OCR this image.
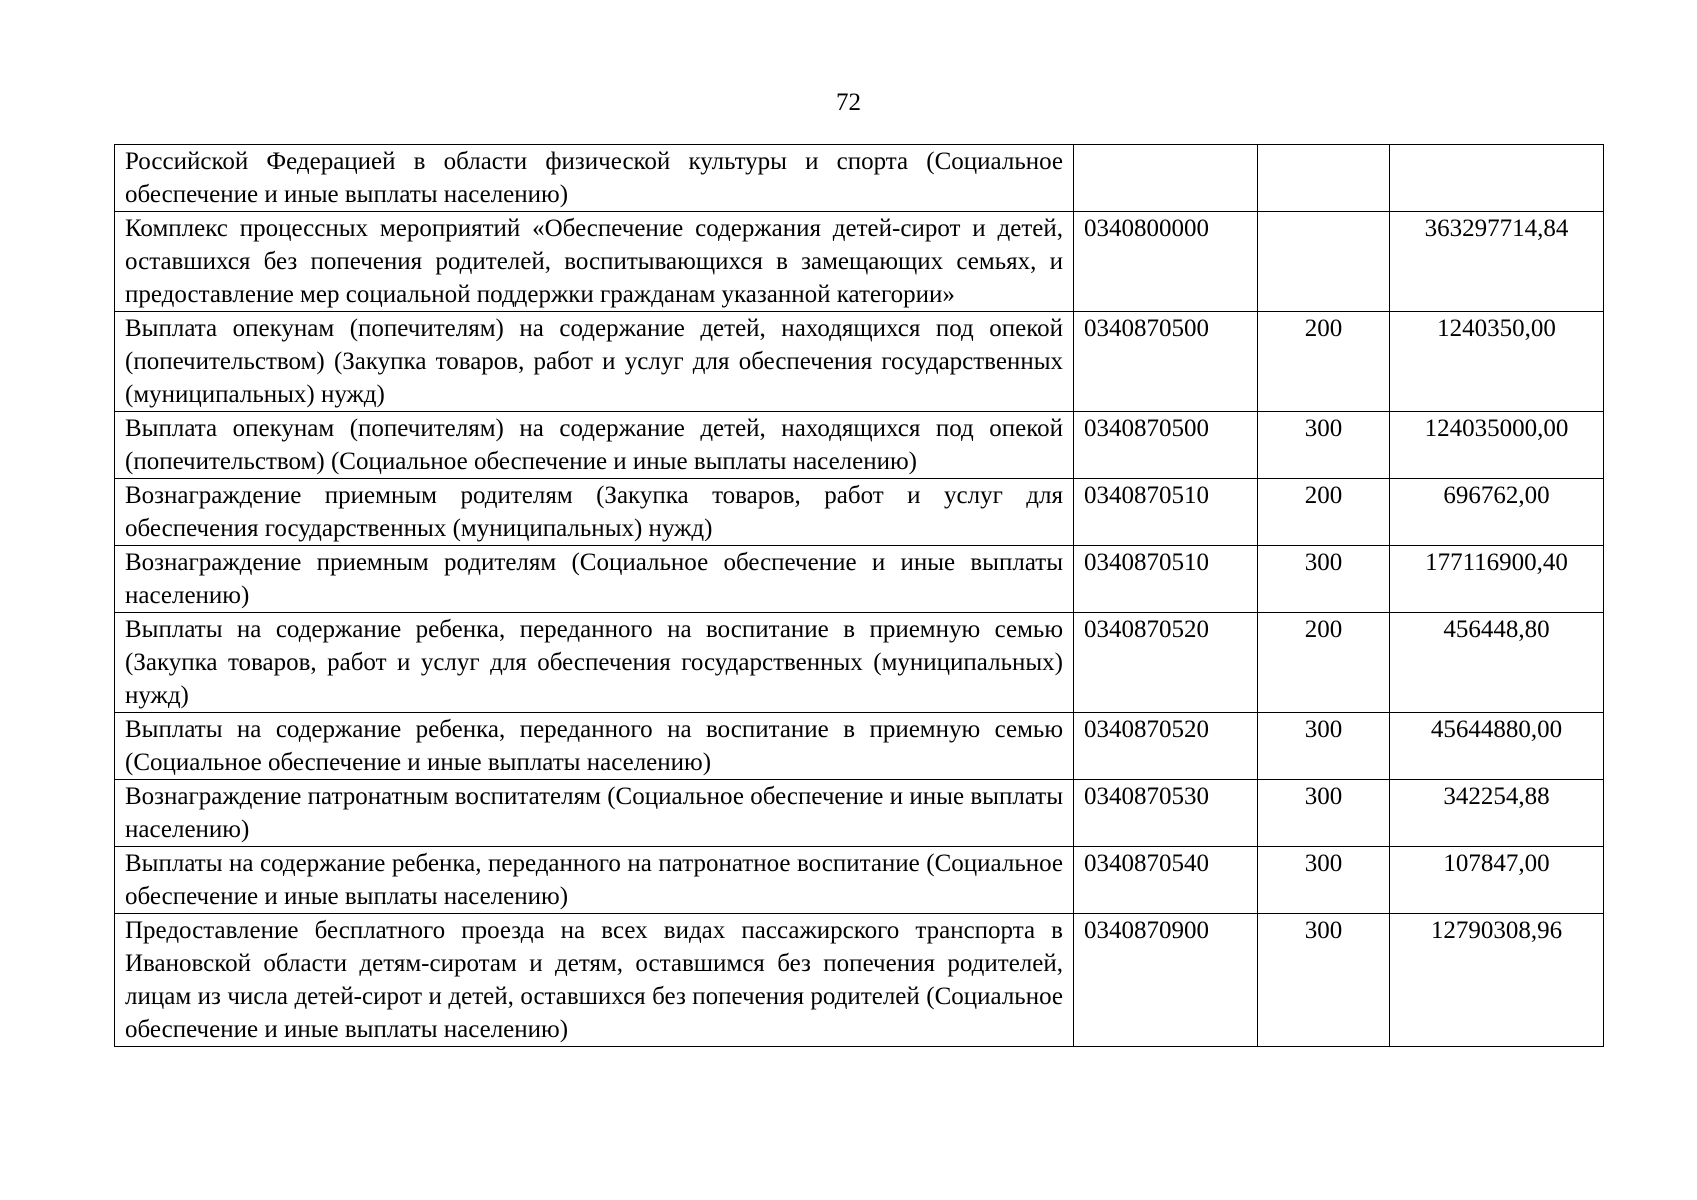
72
Российской Федерацией в области физической культуры и спорта (Социальное обеспечение и иные выплаты населению)			
Комплекс процессных мероприятий «Обеспечение содержания детей-сирот и детей, оставшихся без попечения родителей, воспитывающихся в замещающих семьях, и предоставление мер социальной поддержки гражданам указанной категории»	0340800000		363297714,84
Выплата опекунам (попечителям) на содержание детей, находящихся под опекой (попечительством) (Закупка товаров, работ и услуг для обеспечения государственных (муниципальных) нужд)	0340870500	200	1240350,00
Выплата опекунам (попечителям) на содержание детей, находящихся под опекой (попечительством) (Социальное обеспечение и иные выплаты населению)	0340870500	300	124035000,00
Вознаграждение приемным родителям (Закупка товаров, работ и услуг для обеспечения государственных (муниципальных) нужд)	0340870510	200	696762,00
Вознаграждение приемным родителям (Социальное обеспечение и иные выплаты населению)	0340870510	300	177116900,40
Выплаты на содержание ребенка, переданного на воспитание в приемную семью (Закупка товаров, работ и услуг для обеспечения государственных (муниципальных) нужд)	0340870520	200	456448,80
Выплаты на содержание ребенка, переданного на воспитание в приемную семью (Социальное обеспечение и иные выплаты населению)	0340870520	300	45644880,00
Вознаграждение патронатным воспитателям (Социальное обеспечение и иные выплаты населению)	0340870530	300	342254,88
Выплаты на содержание ребенка, переданного на патронатное воспитание (Социальное обеспечение и иные выплаты населению)	0340870540	300	107847,00
Предоставление бесплатного проезда на всех видах пассажирского транспорта в Ивановской области детям-сиротам и детям, оставшимся без попечения родителей, лицам из числа детей-сирот и детей, оставшихся без попечения родителей (Социальное обеспечение и иные выплаты населению)	0340870900	300	12790308,96
